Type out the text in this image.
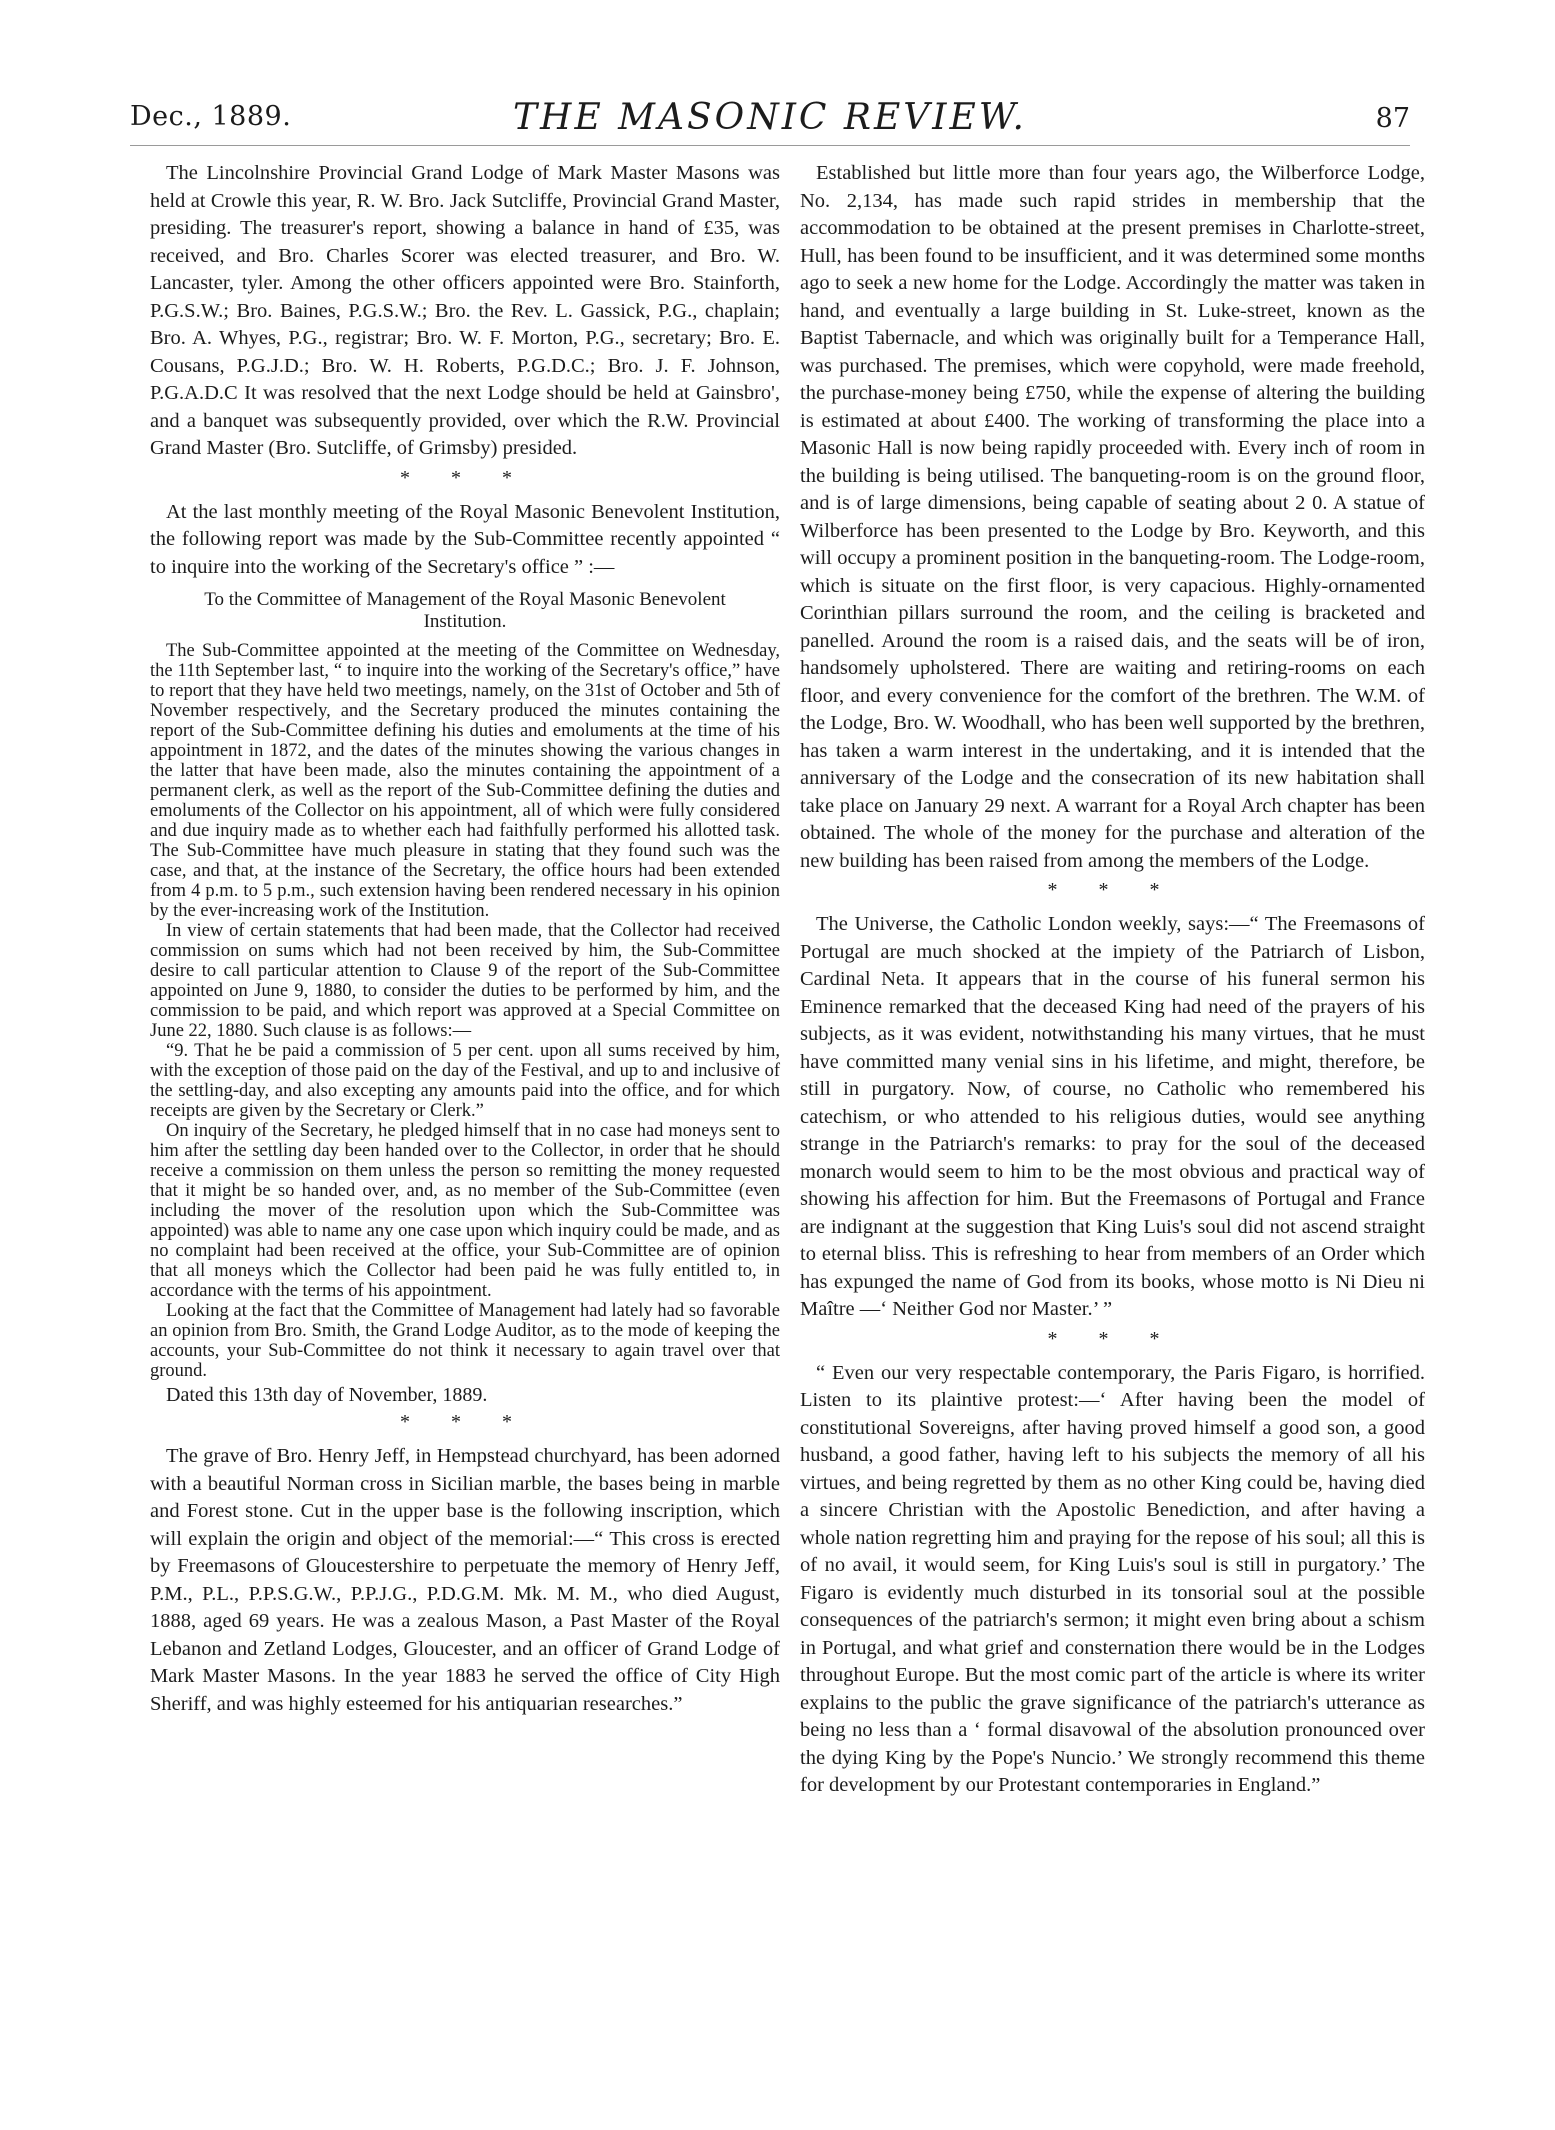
Dec., 1889.	THE MASONIC REVIEW.	87

The Lincolnshire Provincial Grand Lodge of Mark Master Masons was held at Crowle this year, R. W. Bro. Jack Sutcliffe, Provincial Grand Master, presiding. The treasurer's report, showing a balance in hand of £35, was received, and Bro. Charles Scorer was elected treasurer, and Bro. W. Lancaster, tyler. Among the other officers appointed were Bro. Stainforth, P.G.S.W.; Bro. Baines, P.G.S.W.; Bro. the Rev. L. Gassick, P.G., chaplain; Bro. A. Whyes, P.G., registrar; Bro. W. F. Morton, P.G., secretary; Bro. E. Cousans, P.G.J.D.; Bro. W. H. Roberts, P.G.D.C.; Bro. J. F. Johnson, P.G.A.D.C It was resolved that the next Lodge should be held at Gainsbro', and a banquet was subsequently provided, over which the R.W. Provincial Grand Master (Bro. Sutcliffe, of Grimsby) presided.

* * *

At the last monthly meeting of the Royal Masonic Benevolent Institution, the following report was made by the Sub-Committee recently appointed “ to inquire into the working of the Secretary's office ” :—

To the Committee of Management of the Royal Masonic Benevolent Institution.

The Sub-Committee appointed at the meeting of the Committee on Wednesday, the 11th September last, “ to inquire into the working of the Secretary's office,” have to report that they have held two meetings, namely, on the 31st of October and 5th of November respectively, and the Secretary produced the minutes containing the report of the Sub-Committee defining his duties and emoluments at the time of his appointment in 1872, and the dates of the minutes showing the various changes in the latter that have been made, also the minutes containing the appointment of a permanent clerk, as well as the report of the Sub-Committee defining the duties and emoluments of the Collector on his appointment, all of which were fully considered and due inquiry made as to whether each had faithfully performed his allotted task. The Sub-Committee have much pleasure in stating that they found such was the case, and that, at the instance of the Secretary, the office hours had been extended from 4 p.m. to 5 p.m., such extension having been rendered necessary in his opinion by the ever-increasing work of the Institution.

In view of certain statements that had been made, that the Collector had received commission on sums which had not been received by him, the Sub-Committee desire to call particular attention to Clause 9 of the report of the Sub-Committee appointed on June 9, 1880, to consider the duties to be performed by him, and the commission to be paid, and which report was approved at a Special Committee on June 22, 1880. Such clause is as follows:—

“9. That he be paid a commission of 5 per cent. upon all sums received by him, with the exception of those paid on the day of the Festival, and up to and inclusive of the settling-day, and also excepting any amounts paid into the office, and for which receipts are given by the Secretary or Clerk.”

On inquiry of the Secretary, he pledged himself that in no case had moneys sent to him after the settling day been handed over to the Collector, in order that he should receive a commission on them unless the person so remitting the money requested that it might be so handed over, and, as no member of the Sub-Committee (even including the mover of the resolution upon which the Sub-Committee was appointed) was able to name any one case upon which inquiry could be made, and as no complaint had been received at the office, your Sub-Committee are of opinion that all moneys which the Collector had been paid he was fully entitled to, in accordance with the terms of his appointment.

Looking at the fact that the Committee of Management had lately had so favorable an opinion from Bro. Smith, the Grand Lodge Auditor, as to the mode of keeping the accounts, your Sub-Committee do not think it necessary to again travel over that ground.

Dated this 13th day of November, 1889.
* * *

The grave of Bro. Henry Jeff, in Hempstead churchyard, has been adorned with a beautiful Norman cross in Sicilian marble, the bases being in marble and Forest stone. Cut in the upper base is the following inscription, which will explain the origin and object of the memorial:—“ This cross is erected by Freemasons of Gloucestershire to perpetuate the memory of Henry Jeff, P.M., P.L., P.P.S.G.W., P.P.J.G., P.D.G.M. Mk. M. M., who died August, 1888, aged 69 years. He was a zealous Mason, a Past Master of the Royal Lebanon and Zetland Lodges, Gloucester, and an officer of Grand Lodge of Mark Master Masons. In the year 1883 he served the office of City High Sheriff, and was highly esteemed for his antiquarian researches.”

Established but little more than four years ago, the Wilberforce Lodge, No. 2,134, has made such rapid strides in membership that the accommodation to be obtained at the present premises in Charlotte-street, Hull, has been found to be insufficient, and it was determined some months ago to seek a new home for the Lodge. Accordingly the matter was taken in hand, and eventually a large building in St. Luke-street, known as the Baptist Tabernacle, and which was originally built for a Temperance Hall, was purchased. The premises, which were copyhold, were made freehold, the purchase-money being £750, while the expense of altering the building is estimated at about £400. The working of transforming the place into a Masonic Hall is now being rapidly proceeded with. Every inch of room in the building is being utilised. The banqueting-room is on the ground floor, and is of large dimensions, being capable of seating about 2 0. A statue of Wilberforce has been presented to the Lodge by Bro. Keyworth, and this will occupy a prominent position in the banqueting-room. The Lodge-room, which is situate on the first floor, is very capacious. Highly-ornamented Corinthian pillars surround the room, and the ceiling is bracketed and panelled. Around the room is a raised dais, and the seats will be of iron, handsomely upholstered. There are waiting and retiring-rooms on each floor, and every convenience for the comfort of the brethren. The W.M. of the Lodge, Bro. W. Woodhall, who has been well supported by the brethren, has taken a warm interest in the undertaking, and it is intended that the anniversary of the Lodge and the consecration of its new habitation shall take place on January 29 next. A warrant for a Royal Arch chapter has been obtained. The whole of the money for the purchase and alteration of the new building has been raised from among the members of the Lodge.

* * *

The Universe, the Catholic London weekly, says:—“ The Freemasons of Portugal are much shocked at the impiety of the Patriarch of Lisbon, Cardinal Neta. It appears that in the course of his funeral sermon his Eminence remarked that the deceased King had need of the prayers of his subjects, as it was evident, notwithstanding his many virtues, that he must have committed many venial sins in his lifetime, and might, therefore, be still in purgatory. Now, of course, no Catholic who remembered his catechism, or who attended to his religious duties, would see anything strange in the Patriarch's remarks: to pray for the soul of the deceased monarch would seem to him to be the most obvious and practical way of showing his affection for him. But the Freemasons of Portugal and France are indignant at the suggestion that King Luis's soul did not ascend straight to eternal bliss. This is refreshing to hear from members of an Order which has expunged the name of God from its books, whose motto is Ni Dieu ni Maître —‘ Neither God nor Master.’ ”

* * *

“ Even our very respectable contemporary, the Paris Figaro, is horrified. Listen to its plaintive protest:—‘ After having been the model of constitutional Sovereigns, after having proved himself a good son, a good husband, a good father, having left to his subjects the memory of all his virtues, and being regretted by them as no other King could be, having died a sincere Christian with the Apostolic Benediction, and after having a whole nation regretting him and praying for the repose of his soul; all this is of no avail, it would seem, for King Luis's soul is still in purgatory.’ The Figaro is evidently much disturbed in its tonsorial soul at the possible consequences of the patriarch's sermon; it might even bring about a schism in Portugal, and what grief and consternation there would be in the Lodges throughout Europe. But the most comic part of the article is where its writer explains to the public the grave significance of the patriarch's utterance as being no less than a ‘ formal disavowal of the absolution pronounced over the dying King by the Pope's Nuncio.’ We strongly recommend this theme for development by our Protestant contemporaries in England.”
